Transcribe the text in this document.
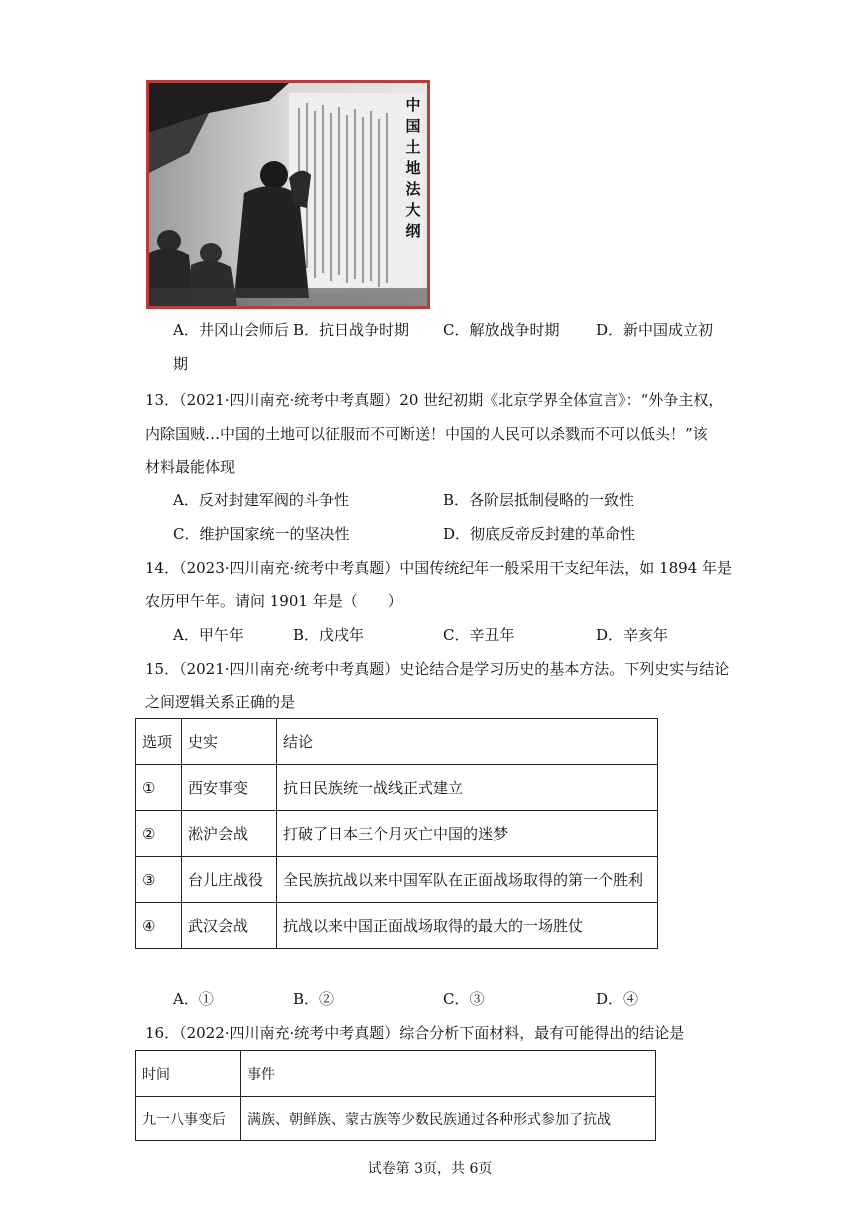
中
国
土
地
法
大
纲
A．井冈山会师后 B．抗日战争时期 C．解放战争时期 D．新中国成立初
期
13．（2021·四川南充·统考中考真题）20 世纪初期《北京学界全体宣言》：“外争主权，
内除国贼…中国的土地可以征服而不可断送！中国的人民可以杀戮而不可以低头！”该
材料最能体现
A．反对封建军阀的斗争性	B．各阶层抵制侵略的一致性
C．维护国家统一的坚决性	D．彻底反帝反封建的革命性
14．（2023·四川南充·统考中考真题）中国传统纪年一般采用干支纪年法，如 1894 年是
农历甲午年。请问 1901 年是（　　）
A．甲午年	B．戊戌年	C．辛丑年	D．辛亥年
15．（2021·四川南充·统考中考真题）史论结合是学习历史的基本方法。下列史实与结论
之间逻辑关系正确的是
选项	史实	结论
①	西安事变	抗日民族统一战线正式建立
②	淞沪会战	打破了日本三个月灭亡中国的迷梦
③	台儿庄战役	全民族抗战以来中国军队在正面战场取得的第一个胜利
④	武汉会战	抗战以来中国正面战场取得的最大的一场胜仗
A．①	B．②	C．③	D．④
16．（2022·四川南充·统考中考真题）综合分析下面材料，最有可能得出的结论是
时间	事件
九一八事变后	满族、朝鲜族、蒙古族等少数民族通过各种形式参加了抗战
试卷第 3页，共 6页
